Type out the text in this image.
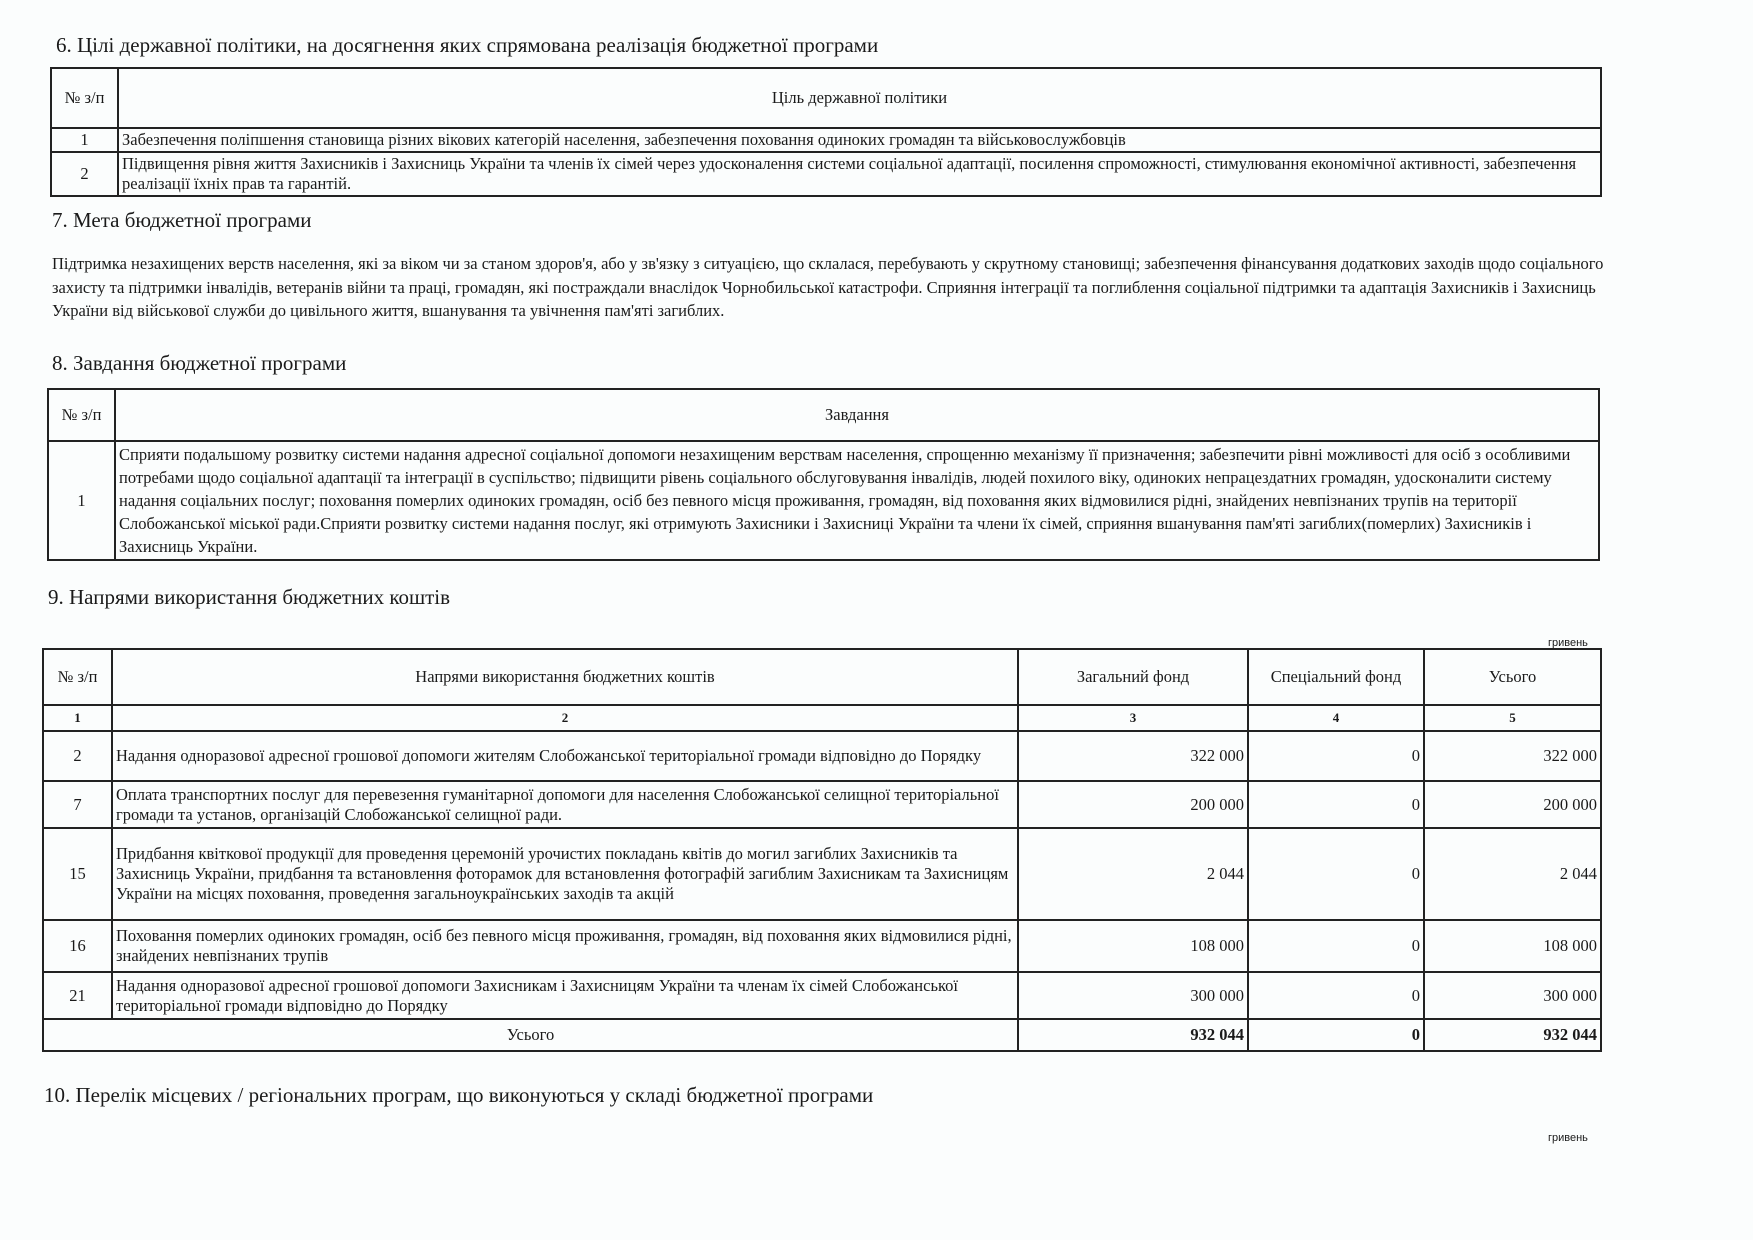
6. Цілі державної політики, на досягнення яких спрямована реалізація бюджетної програми
№ з/п	Ціль державної політики
1	Забезпечення поліпшення становища різних вікових категорій населення, забезпечення поховання одиноких громадян та військовослужбовців
2	Підвищення рівня життя Захисників і Захисниць України та членів їх сімей через удосконалення системи соціальної адаптації, посилення спроможності, стимулювання економічної активності, забезпечення реалізації їхніх прав та гарантій.
7. Мета бюджетної програми
Підтримка незахищених верств населення, які за віком чи за станом здоров'я, або у зв'язку з ситуацією, що склалася, перебувають у скрутному становищі; забезпечення фінансування додаткових заходів щодо соціального захисту та підтримки інвалідів, ветеранів війни та праці, громадян, які постраждали внаслідок Чорнобильської катастрофи. Сприяння інтеграції та поглиблення соціальної підтримки та адаптація Захисників і Захисниць України від військової служби до цивільного життя, вшанування та увічнення пам'яті загиблих.
8. Завдання бюджетної програми
№ з/п	Завдання
1	Сприяти подальшому розвитку системи надання адресної соціальної допомоги незахищеним верствам населення, спрощенню механізму її призначення; забезпечити рівні можливості для осіб з особливими потребами щодо соціальної адаптації та інтеграції в суспільство; підвищити рівень соціального обслуговування інвалідів, людей похилого віку, одиноких непрацездатних громадян, удосконалити систему надання соціальних послуг; поховання померлих одиноких громадян, осіб без певного місця проживання, громадян, від поховання яких відмовилися рідні, знайдених невпізнаних трупів на території Слобожанської міської ради.Сприяти розвитку системи надання послуг, які отримують Захисники і Захисниці України та члени їх сімей, сприяння вшанування пам'яті загиблих(померлих) Захисників і Захисниць України.
9. Напрями використання бюджетних коштів
гривень
№ з/п	Напрями використання бюджетних коштів	Загальний фонд	Спеціальний фонд	Усього
1	2	3	4	5
2	Надання одноразової адресної грошової допомоги жителям Слобожанської територіальної громади відповідно до Порядку	322 000	0	322 000
7	Оплата транспортних послуг для перевезення гуманітарної допомоги для населення Слобожанської селищної територіальної громади та установ, організацій Слобожанської селищної ради.	200 000	0	200 000
15	Придбання квіткової продукції для проведення церемоній урочистих покладань квітів до могил загиблих Захисників та Захисниць України, придбання та встановлення фоторамок для встановлення фотографій загиблим Захисникам та Захисницям України на місцях поховання, проведення загальноукраїнських заходів та акцій	2 044	0	2 044
16	Поховання померлих одиноких громадян, осіб без певного місця проживання, громадян, від поховання яких відмовилися рідні, знайдених невпізнаних трупів	108 000	0	108 000
21	Надання одноразової адресної грошової допомоги Захисникам і Захисницям України та членам їх сімей Слобожанської територіальної громади відповідно до Порядку	300 000	0	300 000
Усього		932 044	0	932 044
10. Перелік місцевих / регіональних програм, що виконуються у складі бюджетної програми
гривень
